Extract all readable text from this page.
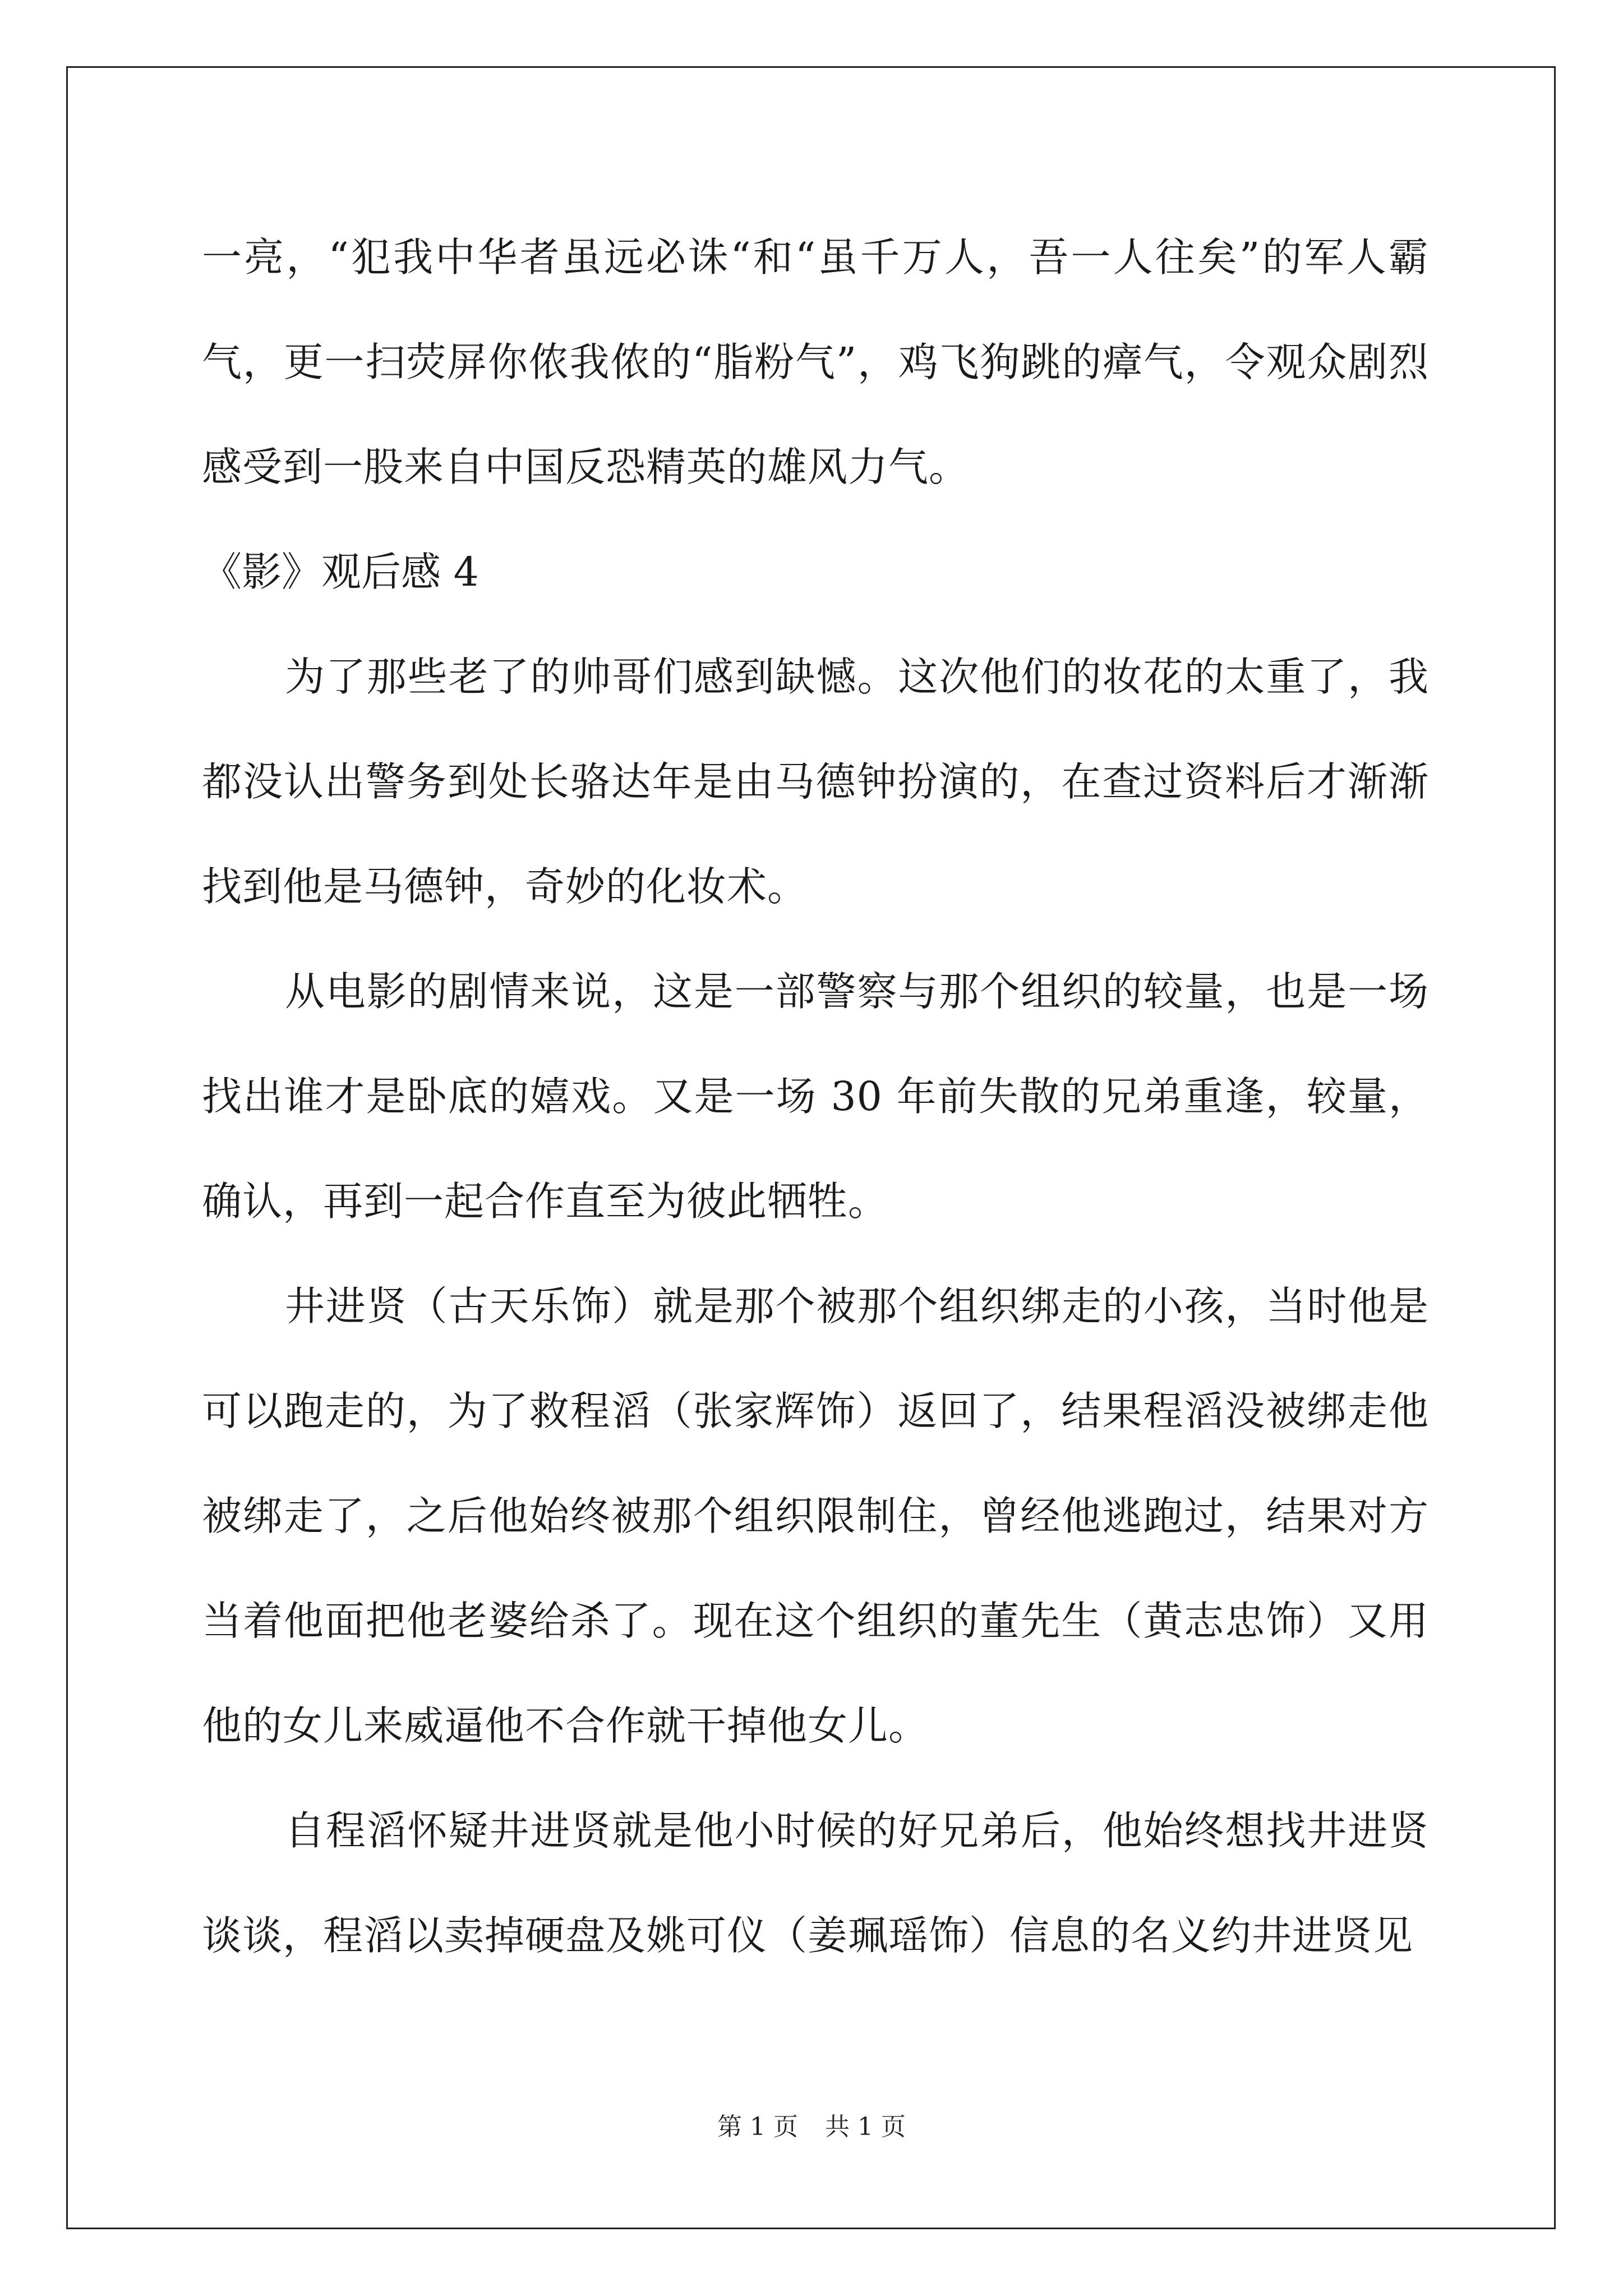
一亮，“犯我中华者虽远必诛“和“虽千万人，吾一人往矣”的军人霸气，更一扫荧屏你侬我侬的“脂粉气”，鸡飞狗跳的瘴气，令观众剧烈感受到一股来自中国反恐精英的雄风力气。

《影》观后感 4

为了那些老了的帅哥们感到缺憾。这次他们的妆花的太重了，我都没认出警务到处长骆达年是由马德钟扮演的，在查过资料后才渐渐找到他是马德钟，奇妙的化妆术。

从电影的剧情来说，这是一部警察与那个组织的较量，也是一场找出谁才是卧底的嬉戏。又是一场 30 年前失散的兄弟重逢，较量，确认，再到一起合作直至为彼此牺牲。

井进贤（古天乐饰）就是那个被那个组织绑走的小孩，当时他是可以跑走的，为了救程滔（张家辉饰）返回了，结果程滔没被绑走他被绑走了，之后他始终被那个组织限制住，曾经他逃跑过，结果对方当着他面把他老婆给杀了。现在这个组织的董先生（黄志忠饰）又用他的女儿来威逼他不合作就干掉他女儿。

自程滔怀疑井进贤就是他小时候的好兄弟后，他始终想找井进贤谈谈，程滔以卖掉硬盘及姚可仪（姜珮瑶饰）信息的名义约井进贤见

第 1 页 共 1 页
